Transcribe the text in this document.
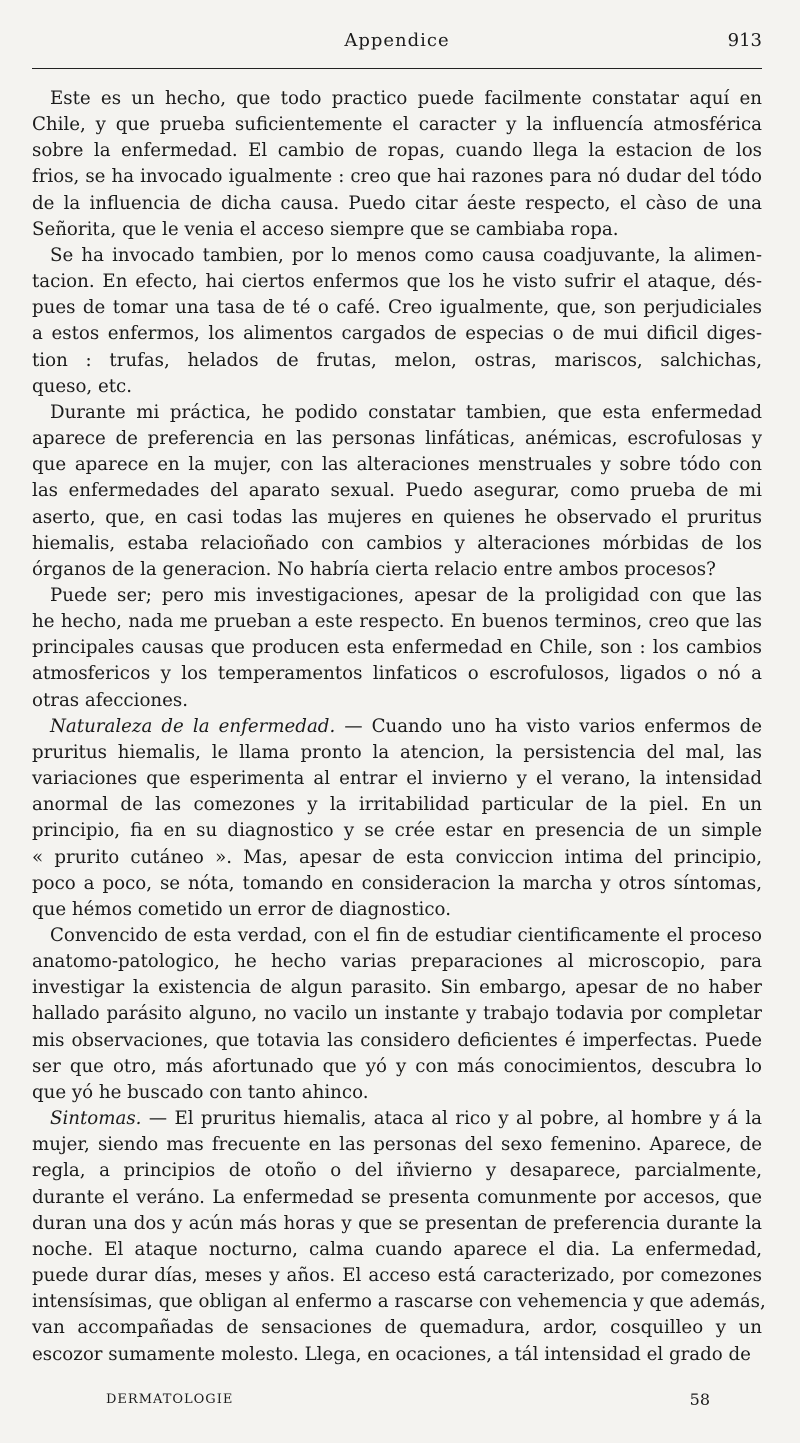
Appendice	913
Este es un hecho, que todo practico puede facilmente constatar aquí en
Chile, y que prueba suficientemente el caracter y la influencía atmosférica
sobre la enfermedad. El cambio de ropas, cuando llega la estacion de los
frios, se ha invocado igualmente : creo que hai razones para nó dudar del tódo
de la influencia de dicha causa. Puedo citar áeste respecto, el càso de una
Señorita, que le venia el acceso siempre que se cambiaba ropa.
Se ha invocado tambien, por lo menos como causa coadjuvante, la alimen-
tacion. En efecto, hai ciertos enfermos que los he visto sufrir el ataque, dés-
pues de tomar una tasa de té o café. Creo igualmente, que, son perjudiciales
a estos enfermos, los alimentos cargados de especias o de mui dificil diges-
tion : trufas, helados de frutas, melon, ostras, mariscos, salchichas,
queso, etc.
Durante mi práctica, he podido constatar tambien, que esta enfermedad
aparece de preferencia en las personas linfáticas, anémicas, escrofulosas y
que aparece en la mujer, con las alteraciones menstruales y sobre tódo con
las enfermedades del aparato sexual. Puedo asegurar, como prueba de mi
aserto, que, en casi todas las mujeres en quienes he observado el pruritus
hiemalis, estaba relacioñado con cambios y alteraciones mórbidas de los
órganos de la generacion. No habría cierta relacio entre ambos procesos?
Puede ser; pero mis investigaciones, apesar de la proligidad con que las
he hecho, nada me prueban a este respecto. En buenos terminos, creo que las
principales causas que producen esta enfermedad en Chile, son : los cambios
atmosfericos y los temperamentos linfaticos o escrofulosos, ligados o nó a
otras afecciones.
Naturaleza de la enfermedad. — Cuando uno ha visto varios enfermos de
pruritus hiemalis, le llama pronto la atencion, la persistencia del mal, las
variaciones que esperimenta al entrar el invierno y el verano, la intensidad
anormal de las comezones y la irritabilidad particular de la piel. En un
principio, fia en su diagnostico y se crée estar en presencia de un simple
« prurito cutáneo ». Mas, apesar de esta conviccion intima del principio,
poco a poco, se nóta, tomando en consideracion la marcha y otros síntomas,
que hémos cometido un error de diagnostico.
Convencido de esta verdad, con el fin de estudiar cientificamente el proceso
anatomo-patologico, he hecho varias preparaciones al microscopio, para
investigar la existencia de algun parasito. Sin embargo, apesar de no haber
hallado parásito alguno, no vacilo un instante y trabajo todavia por completar
mis observaciones, que totavia las considero deficientes é imperfectas. Puede
ser que otro, más afortunado que yó y con más conocimientos, descubra lo
que yó he buscado con tanto ahinco.
Sintomas. — El pruritus hiemalis, ataca al rico y al pobre, al hombre y á la
mujer, siendo mas frecuente en las personas del sexo femenino. Aparece, de
regla, a principios de otoño o del iñvierno y desaparece, parcialmente,
durante el veráno. La enfermedad se presenta comunmente por accesos, que
duran una dos y acún más horas y que se presentan de preferencia durante la
noche. El ataque nocturno, calma cuando aparece el dia. La enfermedad,
puede durar días, meses y años. El acceso está caracterizado, por comezones
intensísimas, que obligan al enfermo a rascarse con vehemencia y que además,
van accompañadas de sensaciones de quemadura, ardor, cosquilleo y un
escozor sumamente molesto. Llega, en ocaciones, a tál intensidad el grado de
DERMATOLOGIE	58
